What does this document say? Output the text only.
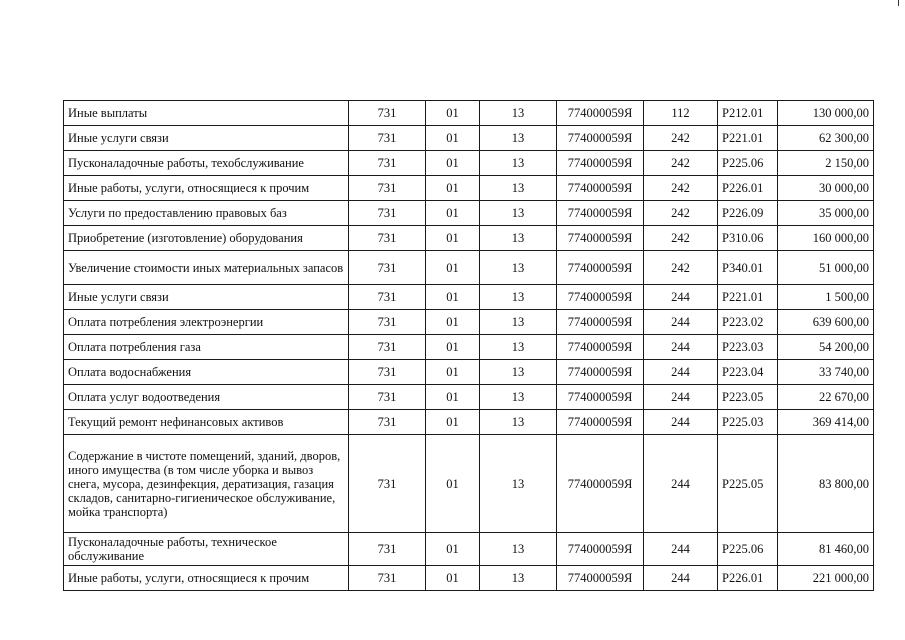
Иные выплаты	731	01	13	774000059Я	112	Р212.01	130 000,00
Иные услуги связи	731	01	13	774000059Я	242	Р221.01	62 300,00
Пусконаладочные работы, техобслуживание	731	01	13	774000059Я	242	Р225.06	2 150,00
Иные работы, услуги, относящиеся к прочим	731	01	13	774000059Я	242	Р226.01	30 000,00
Услуги по предоставлению правовых баз	731	01	13	774000059Я	242	Р226.09	35 000,00
Приобретение (изготовление) оборудования	731	01	13	774000059Я	242	Р310.06	160 000,00
Увеличение стоимости иных материальных запасов	731	01	13	774000059Я	242	Р340.01	51 000,00
Иные услуги связи	731	01	13	774000059Я	244	Р221.01	1 500,00
Оплата потребления электроэнергии	731	01	13	774000059Я	244	Р223.02	639 600,00
Оплата потребления газа	731	01	13	774000059Я	244	Р223.03	54 200,00
Оплата водоснабжения	731	01	13	774000059Я	244	Р223.04	33 740,00
Оплата услуг водоотведения	731	01	13	774000059Я	244	Р223.05	22 670,00
Текущий ремонт нефинансовых активов	731	01	13	774000059Я	244	Р225.03	369 414,00
Содержание в чистоте помещений, зданий, дворов, иного имущества (в том числе уборка и вывоз снега, мусора, дезинфекция, дератизация, газация складов, санитарно-гигиеническое обслуживание, мойка транспорта)	731	01	13	774000059Я	244	Р225.05	83 800,00
Пусконаладочные работы, техническое обслуживание	731	01	13	774000059Я	244	Р225.06	81 460,00
Иные работы, услуги, относящиеся к прочим	731	01	13	774000059Я	244	Р226.01	221 000,00
